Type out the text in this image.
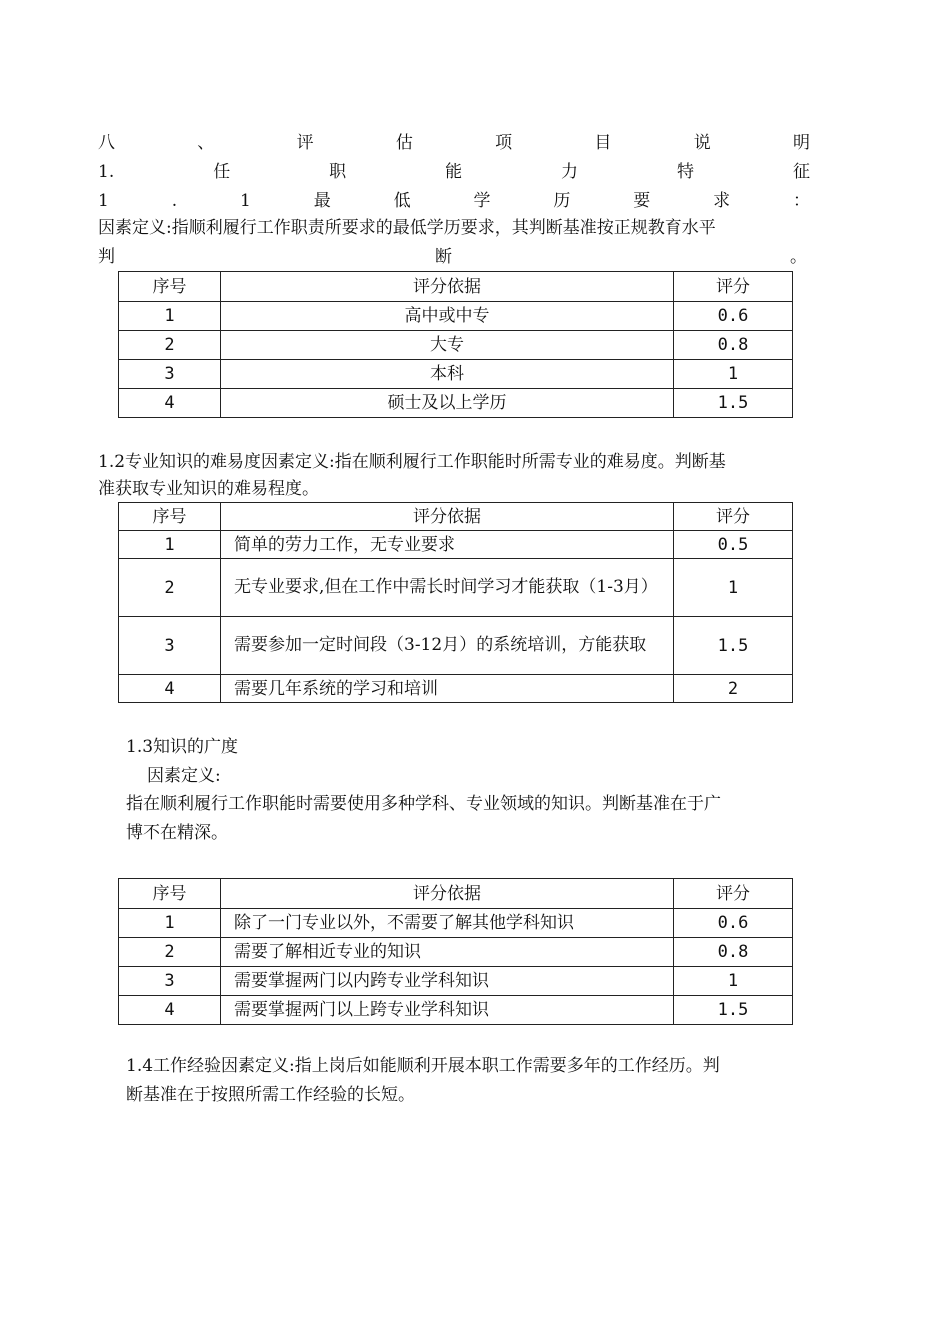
八	、	评	估	项	目	说	明
1.	任	职	能	力	特	征
1	.	1	最	低	学	历	要	求	：
因素定义:指顺利履行工作职责所要求的最低学历要求，其判断基准按正规教育水平
判	断	。
序号	评分依据	评分
1	高中或中专	0.6
2	大专	0.8
3	本科	1
4	硕士及以上学历	1.5
1.2专业知识的难易度因素定义:指在顺利履行工作职能时所需专业的难易度。判断基
准获取专业知识的难易程度。
序号	评分依据	评分
1	简单的劳力工作，无专业要求	0.5
2	无专业要求,但在工作中需长时间学习才能获取（1-3月）	1
3	需要参加一定时间段（3-12月）的系统培训，方能获取	1.5
4	需要几年系统的学习和培训	2
1.3知识的广度
因素定义:
指在顺利履行工作职能时需要使用多种学科、专业领域的知识。判断基准在于广
博不在精深。
序号	评分依据	评分
1	除了一门专业以外，不需要了解其他学科知识	0.6
2	需要了解相近专业的知识	0.8
3	需要掌握两门以内跨专业学科知识	1
4	需要掌握两门以上跨专业学科知识	1.5
1.4工作经验因素定义:指上岗后如能顺利开展本职工作需要多年的工作经历。判
断基准在于按照所需工作经验的长短。
